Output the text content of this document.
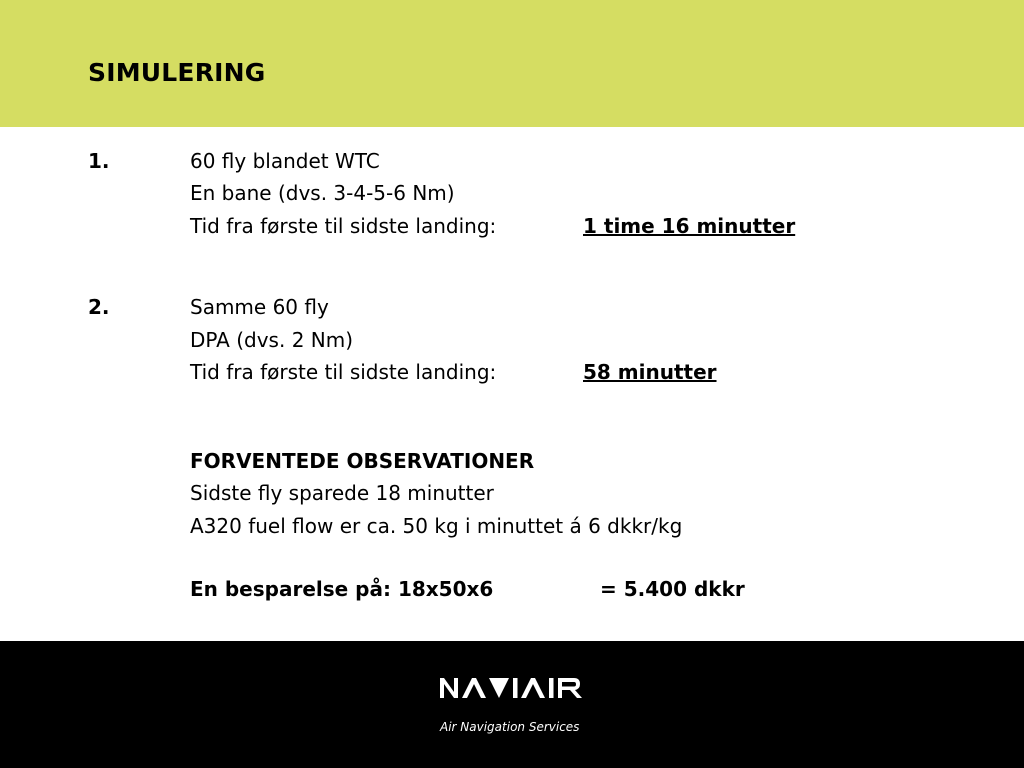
SIMULERING
1.	60 fly blandet WTC
En bane (dvs. 3-4-5-6 Nm)
Tid fra første til sidste landing:	1 time 16 minutter
2.	Samme 60 fly
DPA (dvs. 2 Nm)
Tid fra første til sidste landing:	58 minutter
FORVENTEDE OBSERVATIONER
Sidste fly sparede 18 minutter
A320 fuel flow er ca. 50 kg i minuttet á 6 dkkr/kg
En besparelse på: 18x50x6	= 5.400 dkkr
Air Navigation Services
